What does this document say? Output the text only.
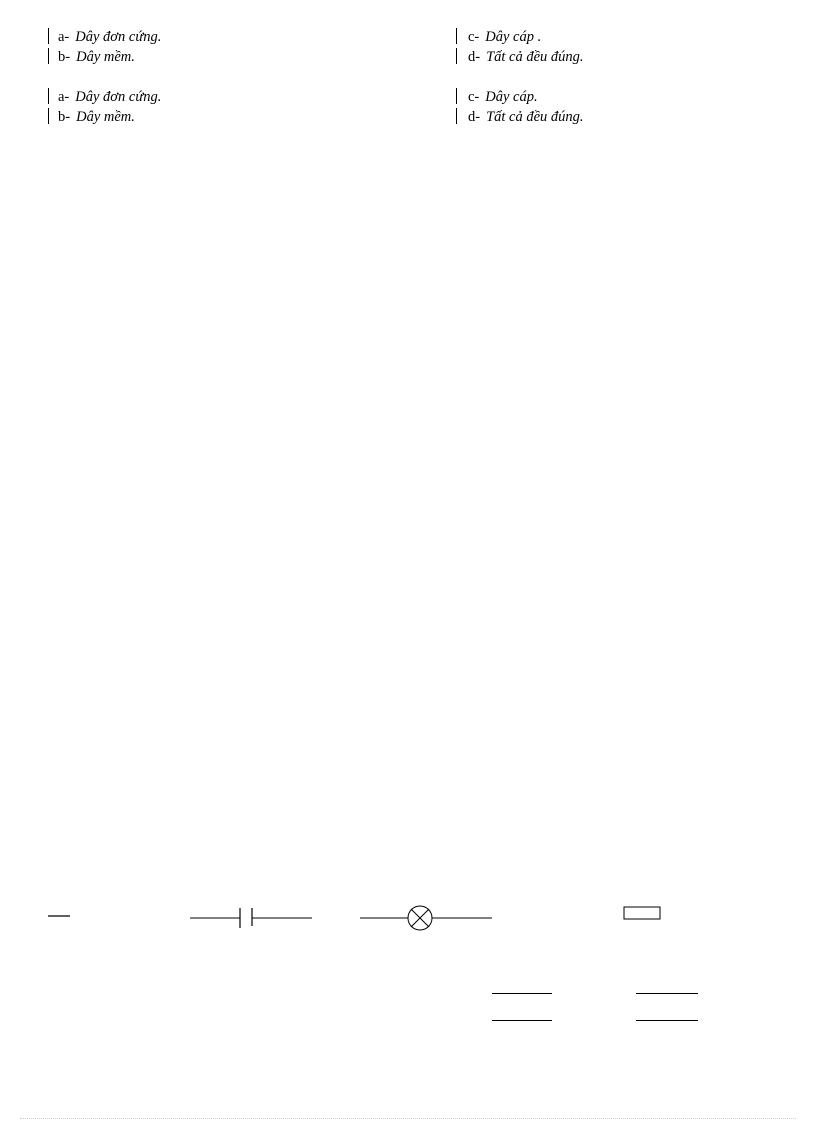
a- Dây đơn cứng.
b- Dây mềm.
c- Dây cáp .
d- Tất cả đều đúng.
a- Dây đơn cứng.
b- Dây mềm.
c- Dây cáp.
d- Tất cả đều đúng.
